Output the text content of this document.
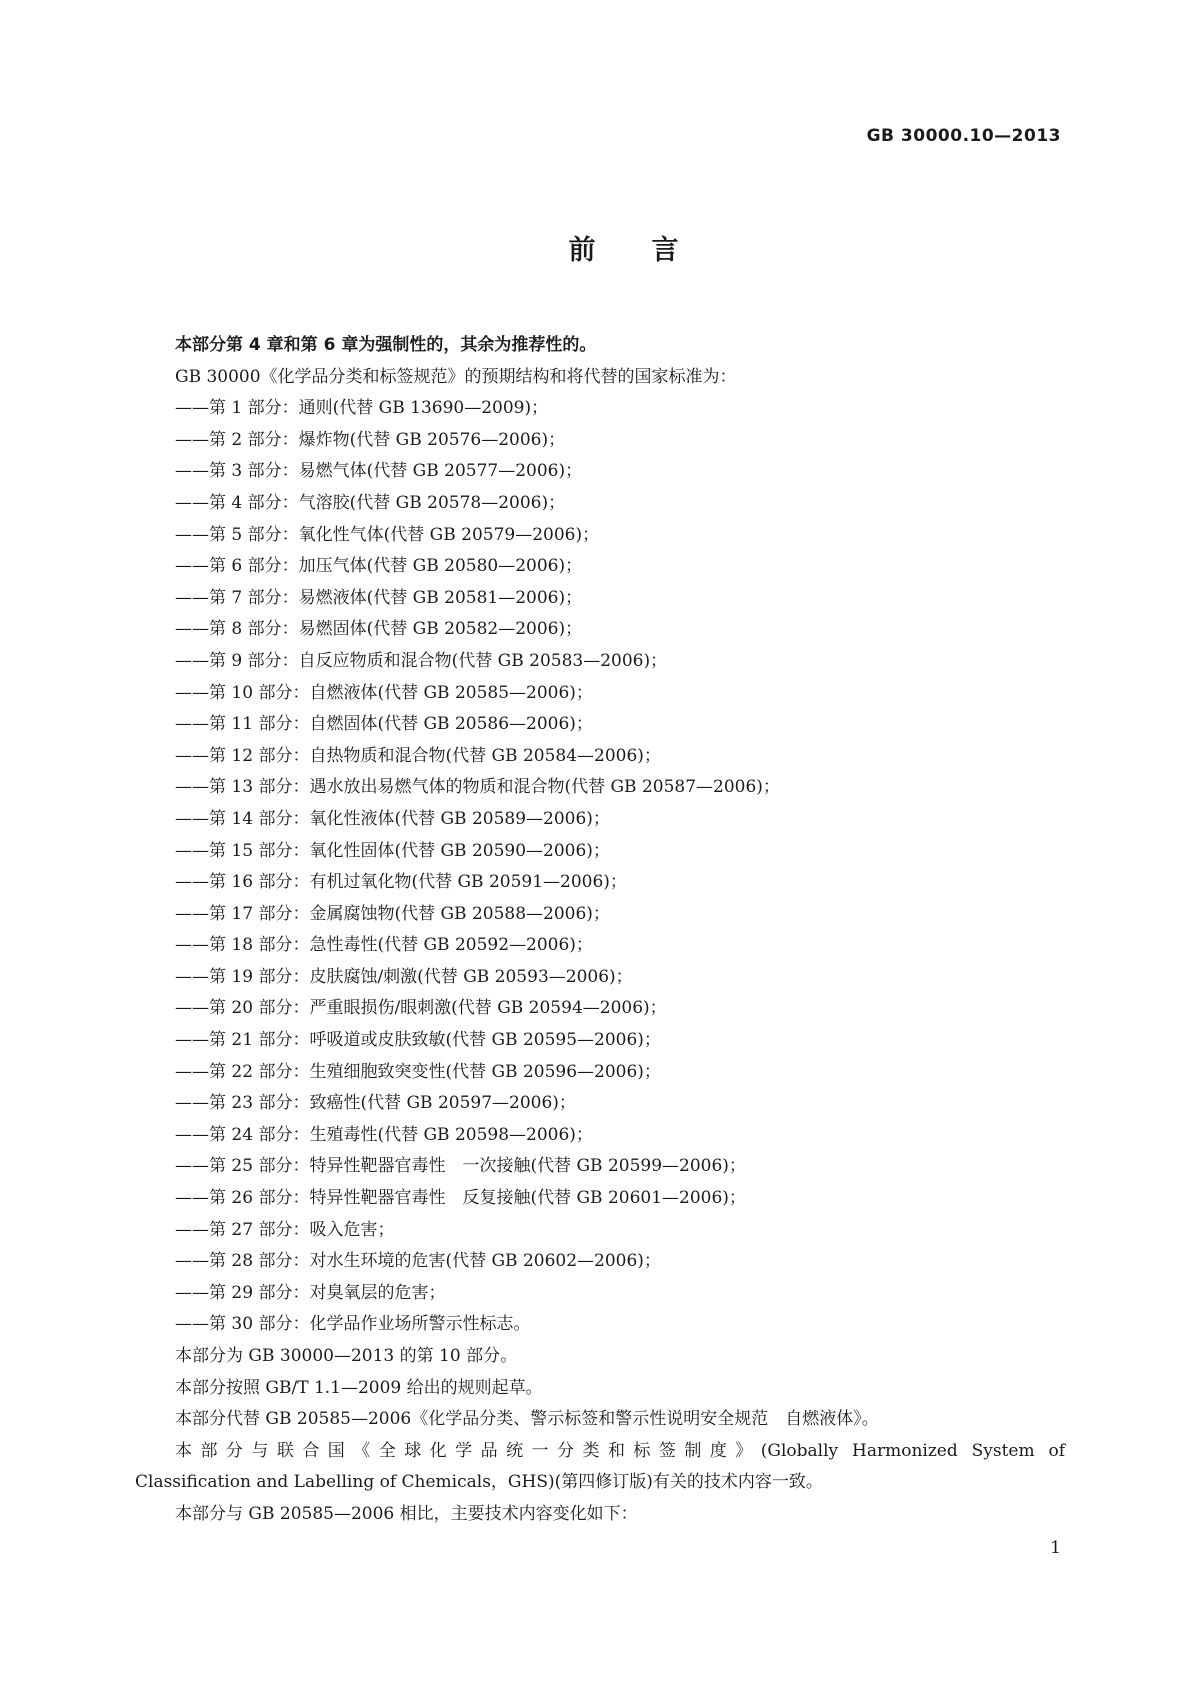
GB 30000.10—2013
前言
本部分第 4 章和第 6 章为强制性的，其余为推荐性的。
GB 30000《化学品分类和标签规范》的预期结构和将代替的国家标准为：
——第 1 部分：通则(代替 GB 13690—2009)；
——第 2 部分：爆炸物(代替 GB 20576—2006)；
——第 3 部分：易燃气体(代替 GB 20577—2006)；
——第 4 部分：气溶胶(代替 GB 20578—2006)；
——第 5 部分：氧化性气体(代替 GB 20579—2006)；
——第 6 部分：加压气体(代替 GB 20580—2006)；
——第 7 部分：易燃液体(代替 GB 20581—2006)；
——第 8 部分：易燃固体(代替 GB 20582—2006)；
——第 9 部分：自反应物质和混合物(代替 GB 20583—2006)；
——第 10 部分：自燃液体(代替 GB 20585—2006)；
——第 11 部分：自燃固体(代替 GB 20586—2006)；
——第 12 部分：自热物质和混合物(代替 GB 20584—2006)；
——第 13 部分：遇水放出易燃气体的物质和混合物(代替 GB 20587—2006)；
——第 14 部分：氧化性液体(代替 GB 20589—2006)；
——第 15 部分：氧化性固体(代替 GB 20590—2006)；
——第 16 部分：有机过氧化物(代替 GB 20591—2006)；
——第 17 部分：金属腐蚀物(代替 GB 20588—2006)；
——第 18 部分：急性毒性(代替 GB 20592—2006)；
——第 19 部分：皮肤腐蚀/刺激(代替 GB 20593—2006)；
——第 20 部分：严重眼损伤/眼刺激(代替 GB 20594—2006)；
——第 21 部分：呼吸道或皮肤致敏(代替 GB 20595—2006)；
——第 22 部分：生殖细胞致突变性(代替 GB 20596—2006)；
——第 23 部分：致癌性(代替 GB 20597—2006)；
——第 24 部分：生殖毒性(代替 GB 20598—2006)；
——第 25 部分：特异性靶器官毒性　一次接触(代替 GB 20599—2006)；
——第 26 部分：特异性靶器官毒性　反复接触(代替 GB 20601—2006)；
——第 27 部分：吸入危害；
——第 28 部分：对水生环境的危害(代替 GB 20602—2006)；
——第 29 部分：对臭氧层的危害；
——第 30 部分：化学品作业场所警示性标志。
本部分为 GB 30000—2013 的第 10 部分。
本部分按照 GB/T 1.1—2009 给出的规则起草。
本部分代替 GB 20585—2006《化学品分类、警示标签和警示性说明安全规范　自燃液体》。
本部分与联合国《全球化学品统一分类和标签制度》(Globally Harmonized System of
Classification and Labelling of Chemicals，GHS)(第四修订版)有关的技术内容一致。
本部分与 GB 20585—2006 相比，主要技术内容变化如下：
1
